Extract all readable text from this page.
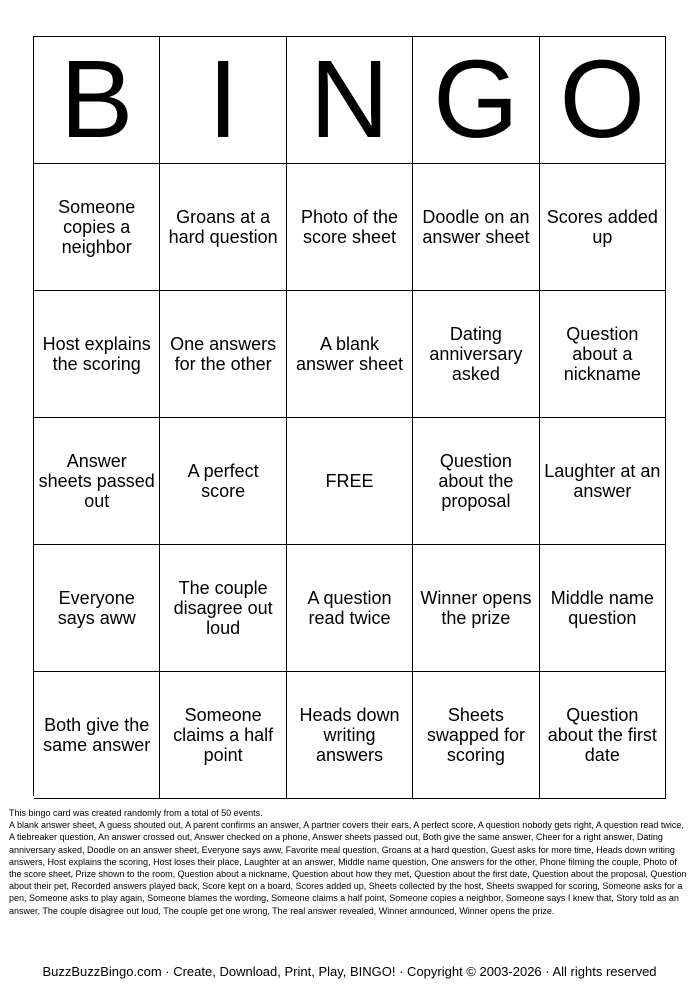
B I N G O
Someone copies a neighbor
Groans at a hard question
Photo of the score sheet
Doodle on an answer sheet
Scores added up
Host explains the scoring
One answers for the other
A blank answer sheet
Dating anniversary asked
Question about a nickname
Answer sheets passed out
A perfect score	FREE
Question about the proposal
Laughter at an answer
Everyone says aww
The couple disagree out loud
A question read twice
Winner opens the prize
Middle name question
Both give the same answer
Someone claims a half point
Heads down writing answers
Sheets swapped for scoring
Question about the first date
This bingo card was created randomly from a total of 50 events.
A blank answer sheet, A guess shouted out, A parent confirms an answer, A partner covers their ears, A perfect score, A question nobody gets right, A question read twice, A tiebreaker question, An answer crossed out, Answer checked on a phone, Answer sheets passed out, Both give the same answer, Cheer for a right answer, Dating anniversary asked, Doodle on an answer sheet, Everyone says aww, Favorite meal question, Groans at a hard question, Guest asks for more time, Heads down writing answers, Host explains the scoring, Host loses their place, Laughter at an answer, Middle name question, One answers for the other, Phone filming the couple, Photo of the score sheet, Prize shown to the room, Question about a nickname, Question about how they met, Question about the first date, Question about the proposal, Question about their pet, Recorded answers played back, Score kept on a board, Scores added up, Sheets collected by the host, Sheets swapped for scoring, Someone asks for a pen, Someone asks to play again, Someone blames the wording, Someone claims a half point, Someone copies a neighbor, Someone says I knew that, Story told as an answer, The couple disagree out loud, The couple get one wrong, The real answer revealed, Winner announced, Winner opens the prize.
BuzzBuzzBingo.com · Create, Download, Print, Play, BINGO! · Copyright © 2003-2026 · All rights reserved
